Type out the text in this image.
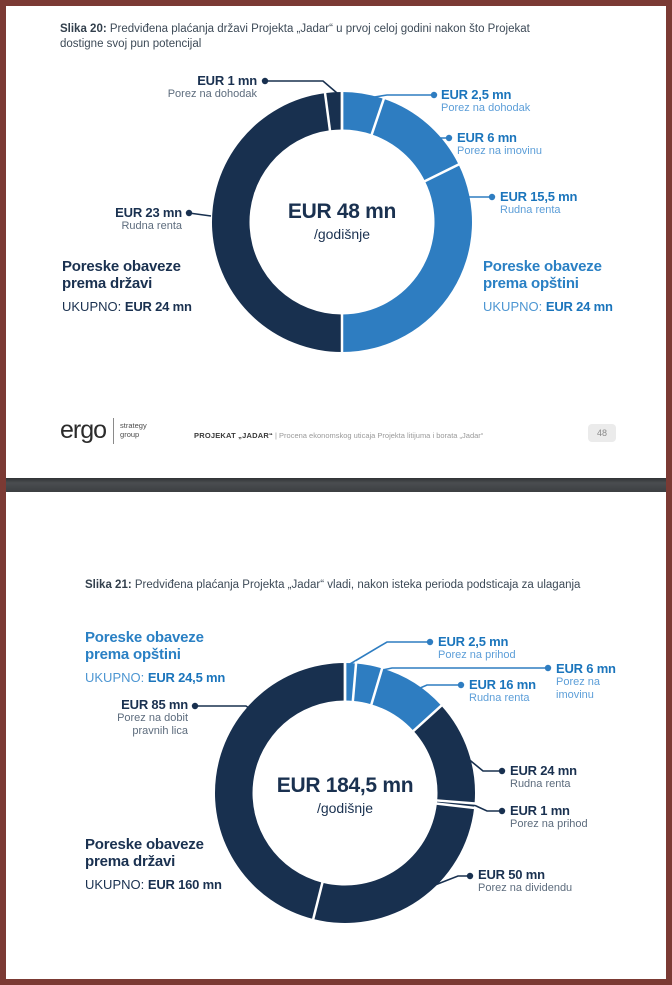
Slika 20: Predviđena plaćanja državi Projekta „Jadar“ u prvoj celoj godini nakon što Projekat dostigne svoj pun potencijal
EUR 48 mn
/godišnje
EUR 1 mn
Porez na dohodak	EUR 2,5 mn
Porez na dohodak
EUR 6 mn
Porez na imovinu
EUR 15,5 mn
Rudna renta
EUR 23 mn
Rudna renta
Poreske obaveze
prema državi
UKUPNO: EUR 24 mn
Poreske obaveze
prema opštini
UKUPNO: EUR 24 mn
ergo strategy
group	PROJEKAT „JADAR“ | Procena ekonomskog uticaja Projekta litijuma i borata „Jadar“	48
Slika 21: Predviđena plaćanja Projekta „Jadar“ vladi, nakon isteka perioda podsticaja za ulaganja
EUR 184,5 mn
/godišnje
Poreske obaveze
prema opštini
UKUPNO: EUR 24,5 mn
EUR 85 mn
Porez na dobit pravnih lica
EUR 2,5 mn
Porez na prihod
EUR 6 mn
Porez na imovinu
EUR 16 mn
Rudna renta
EUR 24 mn
Rudna renta
EUR 1 mn
Porez na prihod
EUR 50 mn
Porez na dividendu
Poreske obaveze
prema državi
UKUPNO: EUR 160 mn
